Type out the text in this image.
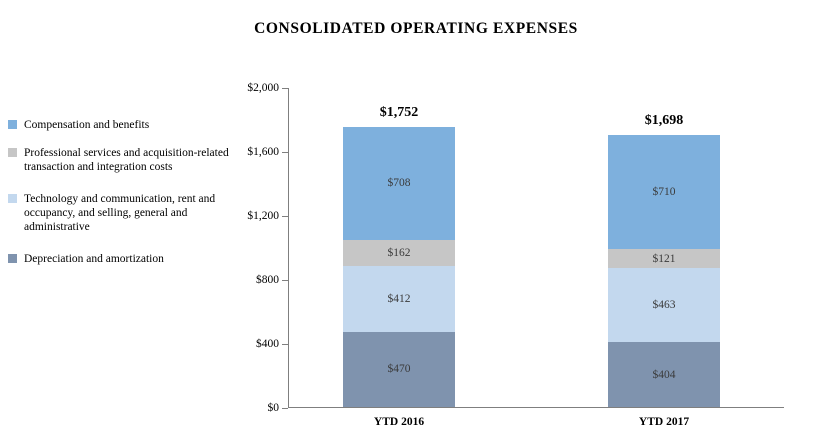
CONSOLIDATED OPERATING EXPENSES
Compensation and benefits
Professional services and acquisition-related transaction and integration costs
Technology and communication, rent and occupancy, and selling, general and administrative
Depreciation and amortization
$0
$400
$800
$1,200
$1,600
$2,000
$1,752
$708
$162
$412
$470
YTD 2016
$1,698
$710
$121
$463
$404
YTD 2017
